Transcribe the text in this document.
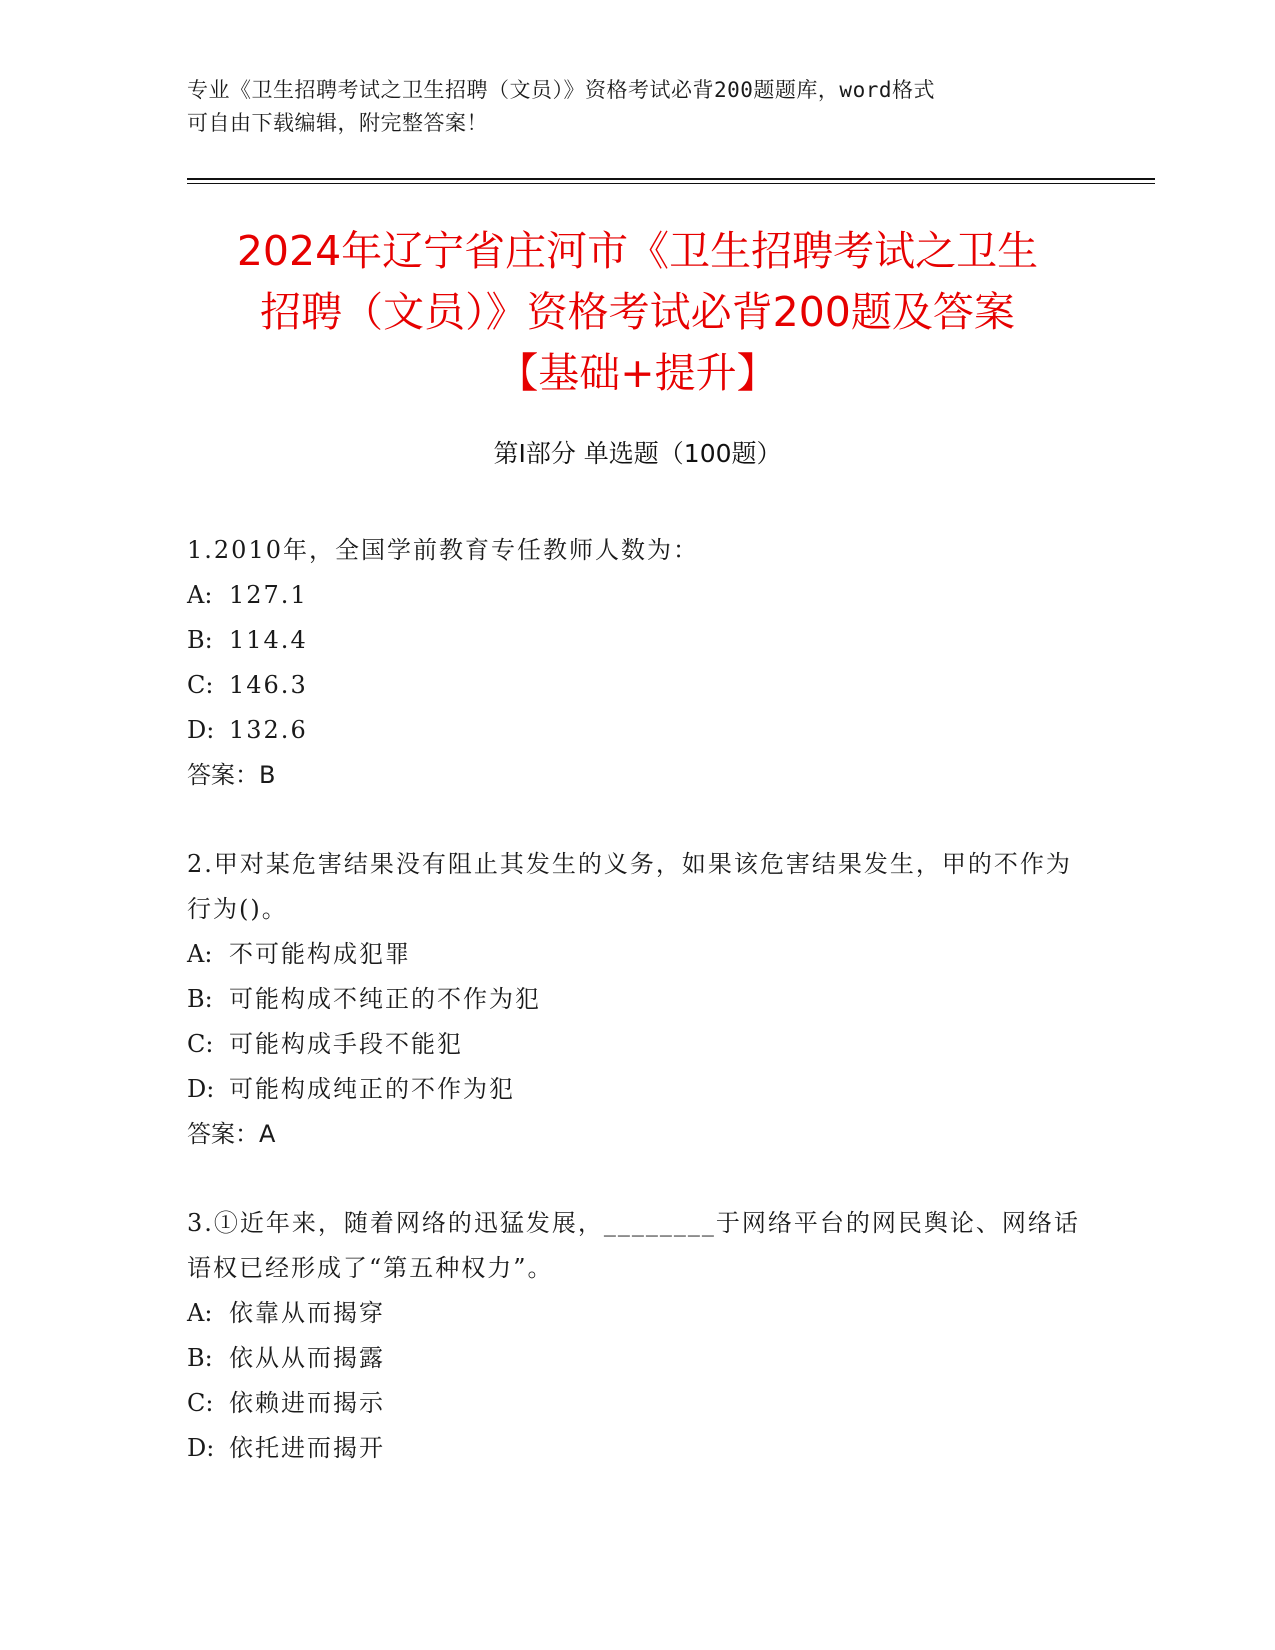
专业《卫生招聘考试之卫生招聘（文员）》资格考试必背200题题库，word格式

可自由下载编辑，附完整答案！

2024年辽宁省庄河市《卫生招聘考试之卫生

招聘（文员）》资格考试必背200题及答案

【基础+提升】

第I部分 单选题（100题）

1.2010年，全国学前教育专任教师人数为：

A: 127.1
B: 114.4
C: 146.3
D: 132.6
答案：B

2.甲对某危害结果没有阻止其发生的义务，如果该危害结果发生，甲的不作为行为()。

A: 不可能构成犯罪
B: 可能构成不纯正的不作为犯
C: 可能构成手段不能犯
D: 可能构成纯正的不作为犯
答案：A

3.①近年来，随着网络的迅猛发展，________于网络平台的网民舆论、网络话语权已经形成了“第五种权力”。

A: 依靠从而揭穿
B: 依从从而揭露
C: 依赖进而揭示
D: 依托进而揭开
